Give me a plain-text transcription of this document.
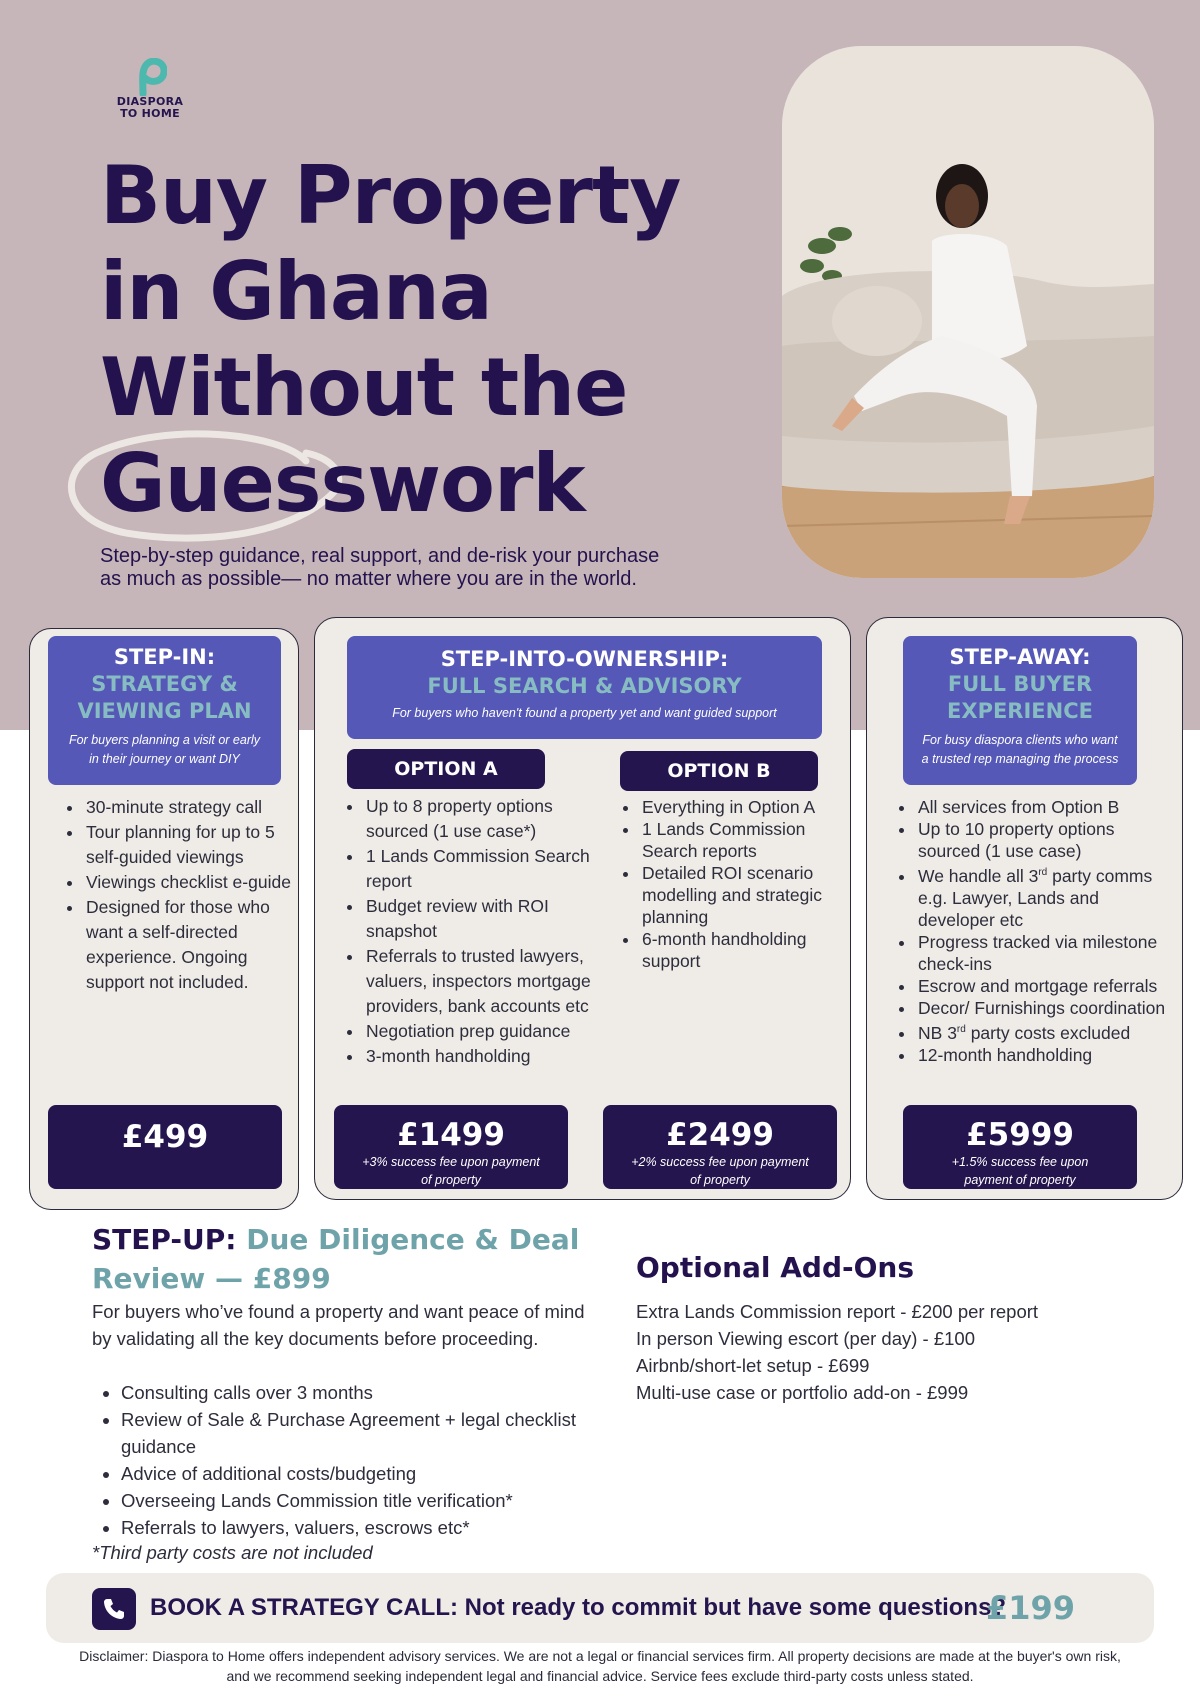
DIASPORA
TO HOME
Buy Property
in Ghana
Without the
Guesswork
Step-by-step guidance, real support, and de-risk your purchase
as much as possible— no matter where you are in the world.
STEP-IN:
STRATEGY &
VIEWING PLAN
For buyers planning a visit or early
in their journey or want DIY
• 30-minute strategy call
• Tour planning for up to 5 self-guided viewings
• Viewings checklist e-guide
• Designed for those who want a self-directed experience. Ongoing support not included.
£499
STEP-INTO-OWNERSHIP:
FULL SEARCH & ADVISORY
For buyers who haven't found a property yet and want guided support
OPTION A	OPTION B
• Up to 8 property options sourced (1 use case*)
• 1 Lands Commission Search report
• Budget review with ROI snapshot
• Referrals to trusted lawyers, valuers, inspectors mortgage providers, bank accounts etc
• Negotiation prep guidance
• 3-month handholding
• Everything in Option A
• 1 Lands Commission Search reports
• Detailed ROI scenario modelling and strategic planning
• 6-month handholding support
£1499
+3% success fee upon payment of property
£2499
+2% success fee upon payment of property
STEP-AWAY:
FULL BUYER
EXPERIENCE
For busy diaspora clients who want
a trusted rep managing the process
• All services from Option B
• Up to 10 property options sourced (1 use case)
• We handle all 3rd party comms e.g. Lawyer, Lands and developer etc
• Progress tracked via milestone check-ins
• Escrow and mortgage referrals
• Decor/ Furnishings coordination
• NB 3rd party costs excluded
• 12-month handholding
£5999
+1.5% success fee upon payment of property
STEP-UP: Due Diligence & Deal Review — £899
For buyers who’ve found a property and want peace of mind by validating all the key documents before proceeding.
• Consulting calls over 3 months
• Review of Sale & Purchase Agreement + legal checklist guidance
• Advice of additional costs/budgeting
• Overseeing Lands Commission title verification*
• Referrals to lawyers, valuers, escrows etc*
*Third party costs are not included
Optional Add-Ons
Extra Lands Commission report - £200 per report
In person Viewing escort (per day) - £100
Airbnb/short-let setup - £699
Multi-use case or portfolio add-on - £999
BOOK A STRATEGY CALL: Not ready to commit but have some questions?
£199
Disclaimer: Diaspora to Home offers independent advisory services. We are not a legal or financial services firm. All property decisions are made at the buyer's own risk,
and we recommend seeking independent legal and financial advice. Service fees exclude third-party costs unless stated.
